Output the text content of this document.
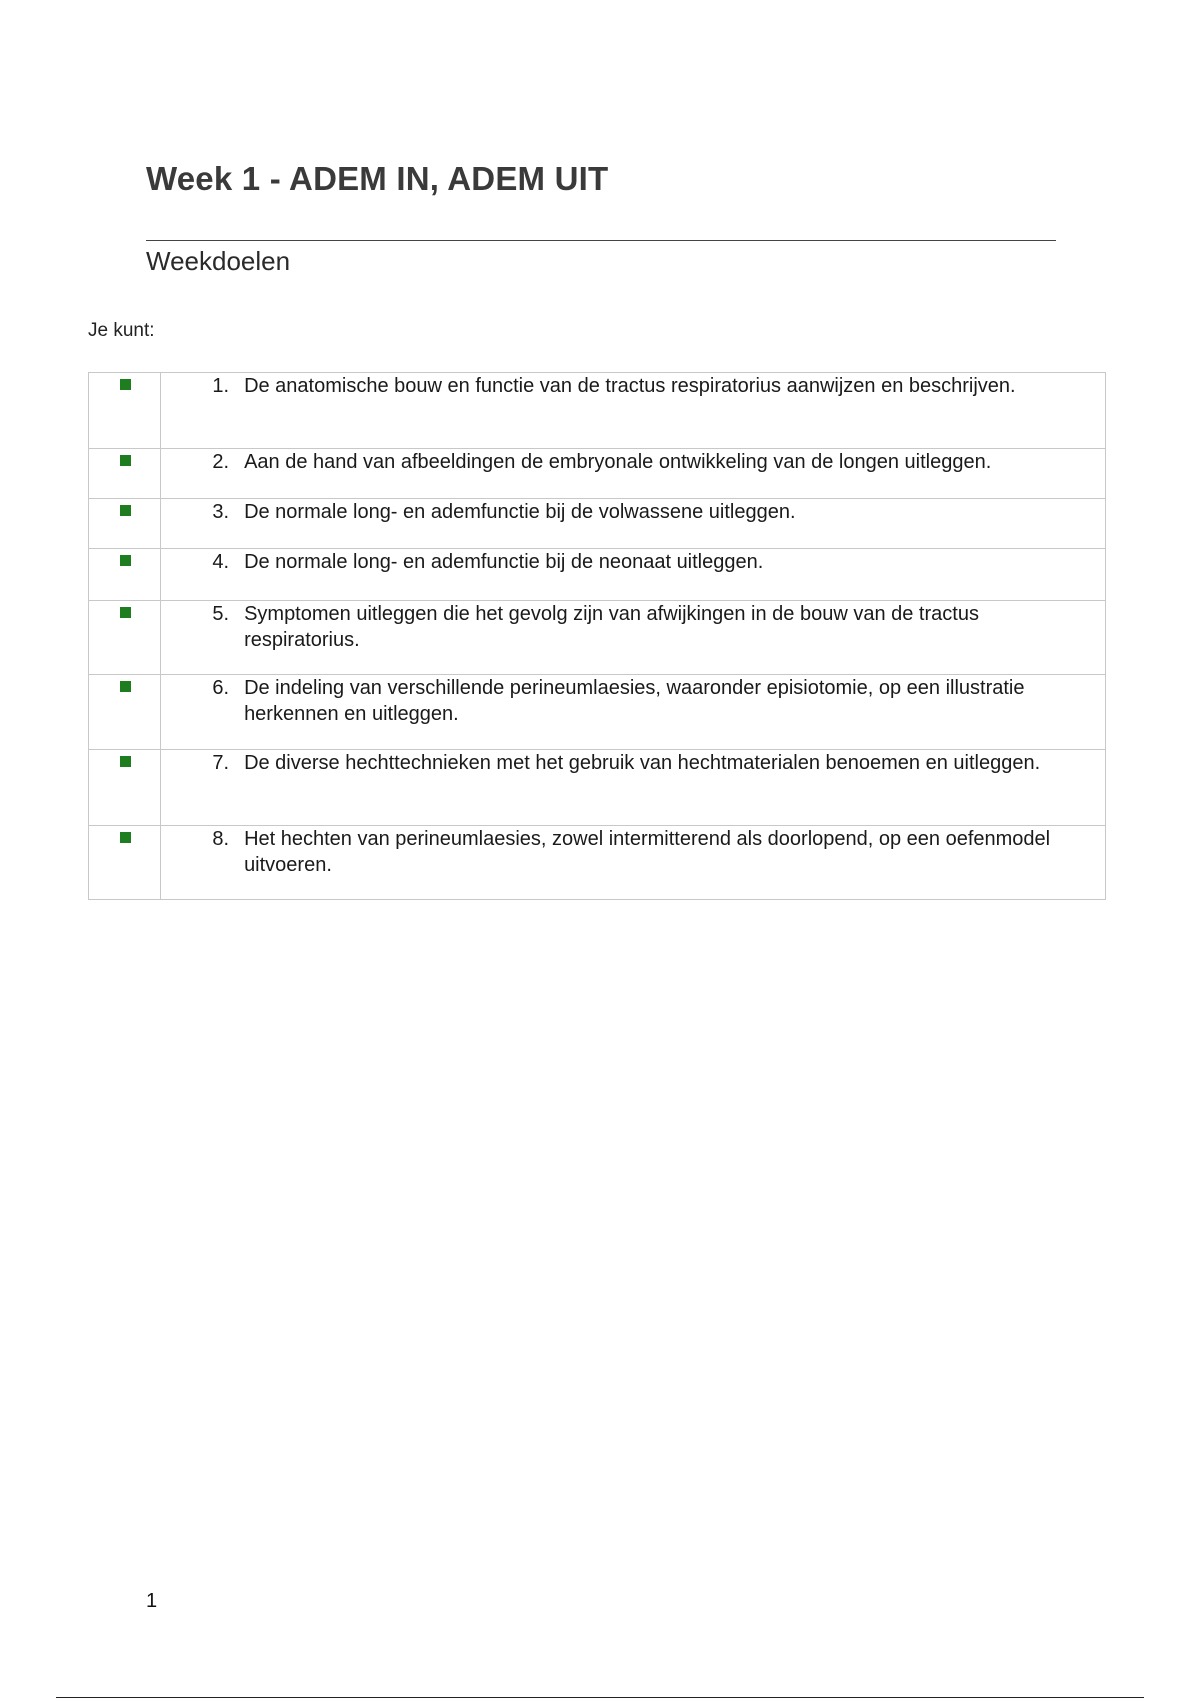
Week 1 - ADEM IN, ADEM UIT
Weekdoelen
Je kunt:

	1. De anatomische bouw en functie van de tractus respiratorius aanwijzen en beschrijven.

	2. Aan de hand van afbeeldingen de embryonale ontwikkeling van de longen uitleggen.

	3. De normale long- en ademfunctie bij de volwassene uitleggen.

	4. De normale long- en ademfunctie bij de neonaat uitleggen.

	5. Symptomen uitleggen die het gevolg zijn van afwijkingen in de bouw van de tractus respiratorius.

	6. De indeling van verschillende perineumlaesies, waaronder episiotomie, op een illustratie herkennen en uitleggen.

	7. De diverse hechttechnieken met het gebruik van hechtmaterialen benoemen en uitleggen.

	8. Het hechten van perineumlaesies, zowel intermitterend als doorlopend, op een oefenmodel uitvoeren.
1
